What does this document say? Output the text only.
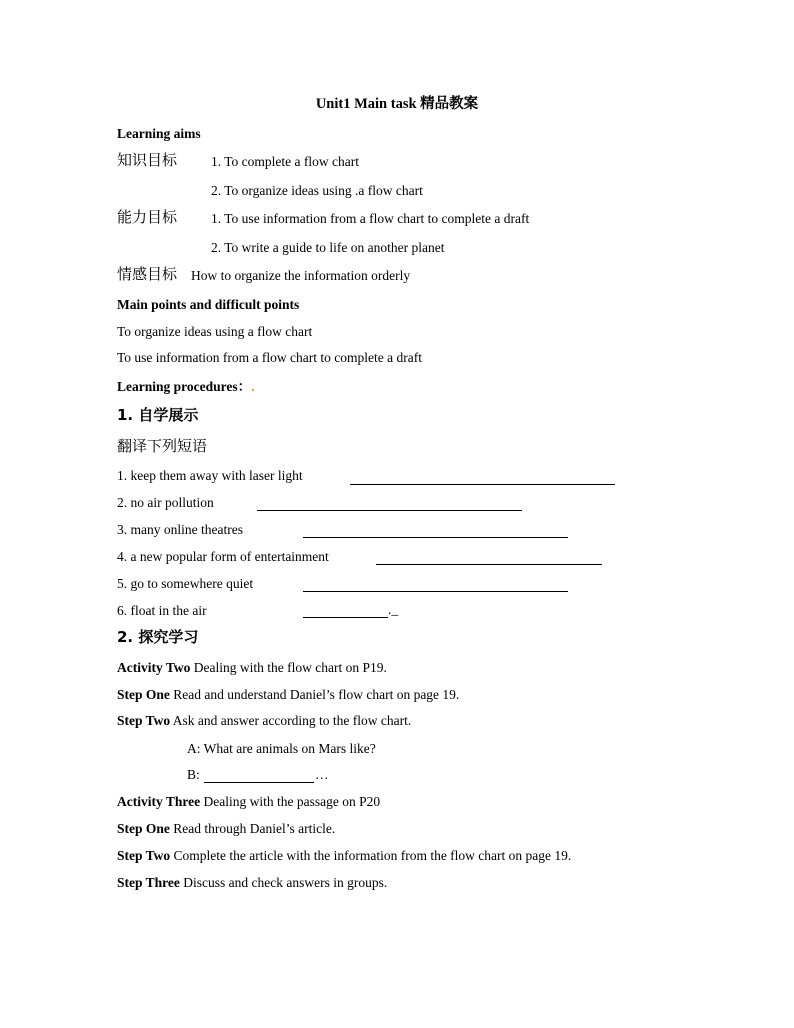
Unit1 Main task 精品教案
Learning aims
知识目标	1. To complete a flow chart
2. To organize ideas using .a flow chart
能力目标	1. To use information from a flow chart to complete a draft
2. To write a guide to life on another planet
情感目标 How to organize the information orderly
Main points and difficult points
To organize ideas using a flow chart
To use information from a flow chart to complete a draft
Learning procedures：.
1. 自学展示
翻译下列短语
1. keep them away with laser light
2. no air pollution
3. many online theatres
4. a new popular form of entertainment
5. go to somewhere quiet
6. float in the air	._
2. 探究学习
Activity Two Dealing with the flow chart on P19.
Step One Read and understand Daniel’s flow chart on page 19.
Step Two Ask and answer according to the flow chart.
A: What are animals on Mars like?
B:	…
Activity Three Dealing with the passage on P20
Step One Read through Daniel’s article.
Step Two Complete the article with the information from the flow chart on page 19.
Step Three Discuss and check answers in groups.
